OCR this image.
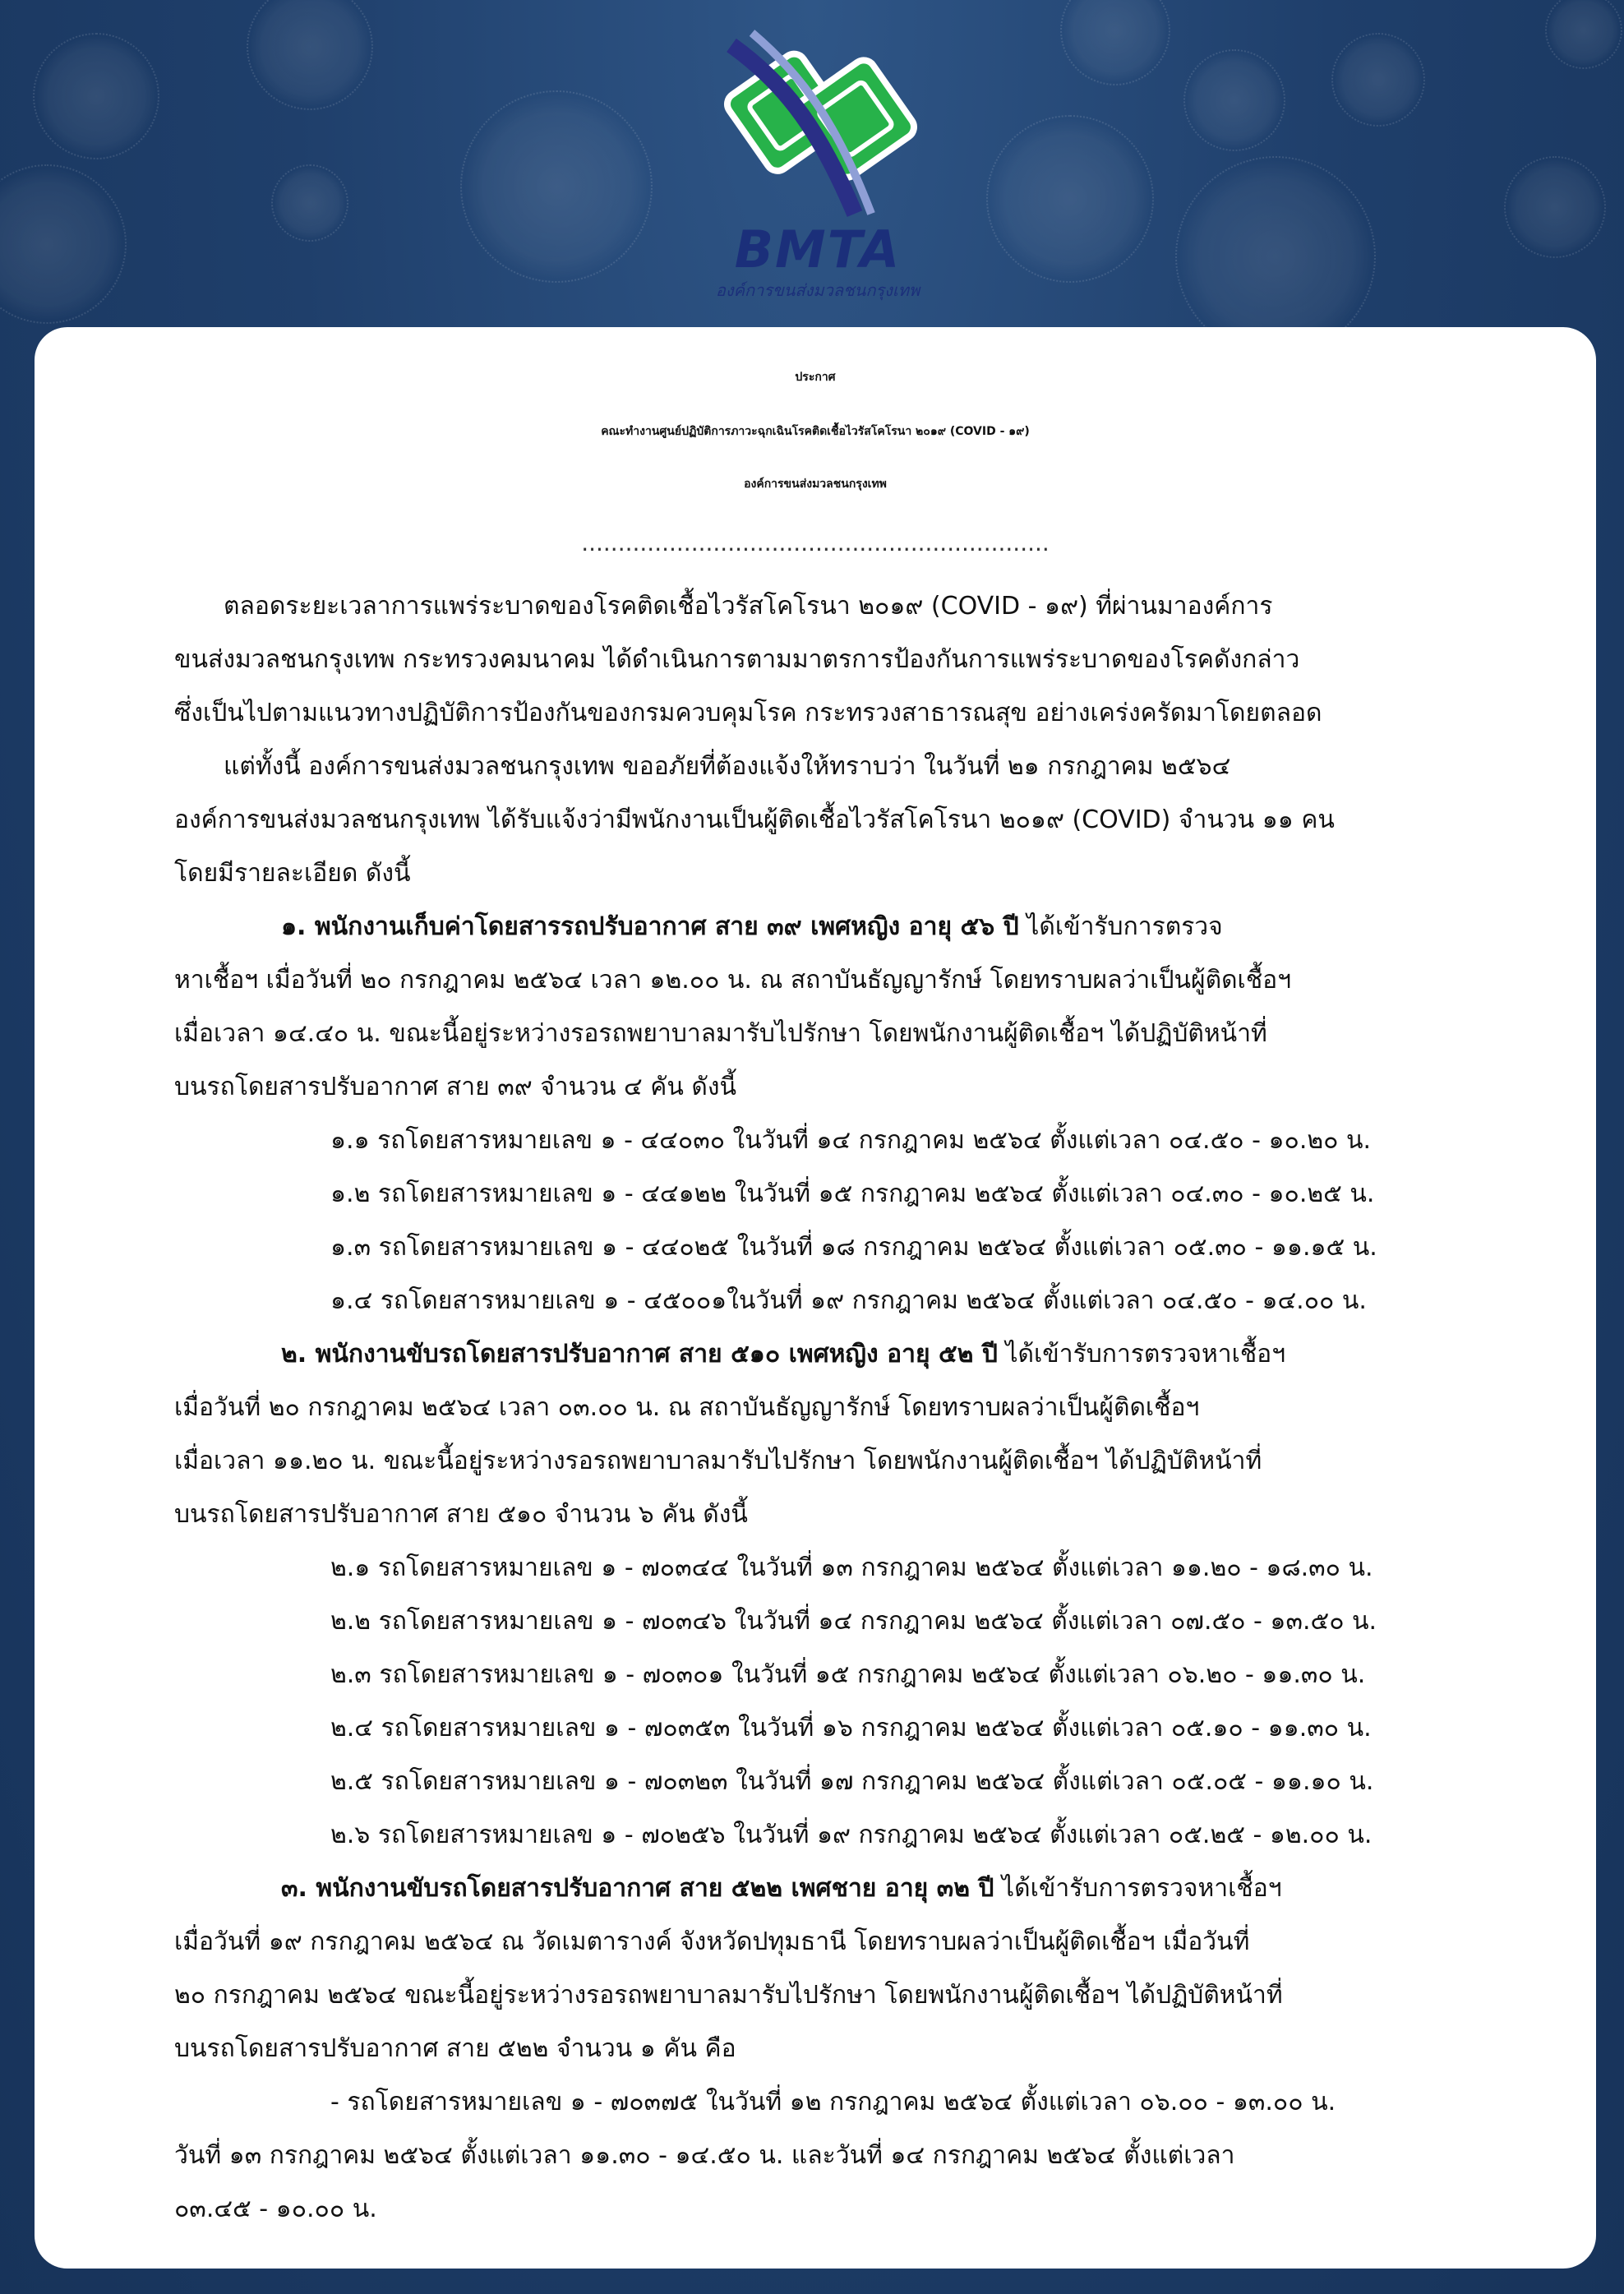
BMTA
องค์การขนส่งมวลชนกรุงเทพ

ประกาศ

คณะทำงานศูนย์ปฏิบัติการภาวะฉุกเฉินโรคติดเชื้อไวรัสโคโรนา ๒๐๑๙ (COVID - ๑๙)

องค์การขนส่งมวลชนกรุงเทพ

................................................................

ตลอดระยะเวลาการแพร่ระบาดของโรคติดเชื้อไวรัสโคโรนา ๒๐๑๙ (COVID - ๑๙) ที่ผ่านมาองค์การ

ขนส่งมวลชนกรุงเทพ กระทรวงคมนาคม ได้ดำเนินการตามมาตรการป้องกันการแพร่ระบาดของโรคดังกล่าว

ซึ่งเป็นไปตามแนวทางปฏิบัติการป้องกันของกรมควบคุมโรค กระทรวงสาธารณสุข อย่างเคร่งครัดมาโดยตลอด

แต่ทั้งนี้ องค์การขนส่งมวลชนกรุงเทพ ขออภัยที่ต้องแจ้งให้ทราบว่า ในวันที่ ๒๑ กรกฎาคม ๒๕๖๔

องค์การขนส่งมวลชนกรุงเทพ ได้รับแจ้งว่ามีพนักงานเป็นผู้ติดเชื้อไวรัสโคโรนา ๒๐๑๙ (COVID) จำนวน ๑๑ คน

โดยมีรายละเอียด ดังนี้

๑. พนักงานเก็บค่าโดยสารรถปรับอากาศ สาย ๓๙ เพศหญิง อายุ ๕๖ ปี ได้เข้ารับการตรวจ

หาเชื้อฯ เมื่อวันที่ ๒๐ กรกฎาคม ๒๕๖๔ เวลา ๑๒.๐๐ น. ณ สถาบันธัญญารักษ์ โดยทราบผลว่าเป็นผู้ติดเชื้อฯ

เมื่อเวลา ๑๔.๔๐ น. ขณะนี้อยู่ระหว่างรอรถพยาบาลมารับไปรักษา โดยพนักงานผู้ติดเชื้อฯ ได้ปฏิบัติหน้าที่

บนรถโดยสารปรับอากาศ สาย ๓๙ จำนวน ๔ คัน ดังนี้

๑.๑ รถโดยสารหมายเลข ๑ - ๔๔๐๓๐ ในวันที่ ๑๔ กรกฎาคม ๒๕๖๔ ตั้งแต่เวลา ๐๔.๕๐ - ๑๐.๒๐ น.

๑.๒ รถโดยสารหมายเลข ๑ - ๔๔๑๒๒ ในวันที่ ๑๕ กรกฎาคม ๒๕๖๔ ตั้งแต่เวลา ๐๔.๓๐ - ๑๐.๒๕ น.

๑.๓ รถโดยสารหมายเลข ๑ - ๔๔๐๒๕ ในวันที่ ๑๘ กรกฎาคม ๒๕๖๔ ตั้งแต่เวลา ๐๕.๓๐ - ๑๑.๑๕ น.

๑.๔ รถโดยสารหมายเลข ๑ - ๔๕๐๐๑ในวันที่ ๑๙ กรกฎาคม ๒๕๖๔ ตั้งแต่เวลา ๐๔.๕๐ - ๑๔.๐๐ น.

๒. พนักงานขับรถโดยสารปรับอากาศ สาย ๕๑๐ เพศหญิง อายุ ๕๒ ปี ได้เข้ารับการตรวจหาเชื้อฯ

เมื่อวันที่ ๒๐ กรกฎาคม ๒๕๖๔ เวลา ๐๓.๐๐ น. ณ สถาบันธัญญารักษ์ โดยทราบผลว่าเป็นผู้ติดเชื้อฯ

เมื่อเวลา ๑๑.๒๐ น. ขณะนี้อยู่ระหว่างรอรถพยาบาลมารับไปรักษา โดยพนักงานผู้ติดเชื้อฯ ได้ปฏิบัติหน้าที่

บนรถโดยสารปรับอากาศ สาย ๕๑๐ จำนวน ๖ คัน ดังนี้

๒.๑ รถโดยสารหมายเลข ๑ - ๗๐๓๔๔ ในวันที่ ๑๓ กรกฎาคม ๒๕๖๔ ตั้งแต่เวลา ๑๑.๒๐ - ๑๘.๓๐ น.

๒.๒ รถโดยสารหมายเลข ๑ - ๗๐๓๔๖ ในวันที่ ๑๔ กรกฎาคม ๒๕๖๔ ตั้งแต่เวลา ๐๗.๕๐ - ๑๓.๕๐ น.

๒.๓ รถโดยสารหมายเลข ๑ - ๗๐๓๐๑ ในวันที่ ๑๕ กรกฎาคม ๒๕๖๔ ตั้งแต่เวลา ๐๖.๒๐ - ๑๑.๓๐ น.

๒.๔ รถโดยสารหมายเลข ๑ - ๗๐๓๕๓ ในวันที่ ๑๖ กรกฎาคม ๒๕๖๔ ตั้งแต่เวลา ๐๕.๑๐ - ๑๑.๓๐ น.

๒.๕ รถโดยสารหมายเลข ๑ - ๗๐๓๒๓ ในวันที่ ๑๗ กรกฎาคม ๒๕๖๔ ตั้งแต่เวลา ๐๕.๐๕ - ๑๑.๑๐ น.

๒.๖ รถโดยสารหมายเลข ๑ - ๗๐๒๕๖ ในวันที่ ๑๙ กรกฎาคม ๒๕๖๔ ตั้งแต่เวลา ๐๕.๒๕ - ๑๒.๐๐ น.

๓. พนักงานขับรถโดยสารปรับอากาศ สาย ๕๒๒ เพศชาย อายุ ๓๒ ปี ได้เข้ารับการตรวจหาเชื้อฯ

เมื่อวันที่ ๑๙ กรกฎาคม ๒๕๖๔ ณ วัดเมตารางค์ จังหวัดปทุมธานี โดยทราบผลว่าเป็นผู้ติดเชื้อฯ เมื่อวันที่

๒๐ กรกฎาคม ๒๕๖๔ ขณะนี้อยู่ระหว่างรอรถพยาบาลมารับไปรักษา โดยพนักงานผู้ติดเชื้อฯ ได้ปฏิบัติหน้าที่

บนรถโดยสารปรับอากาศ สาย ๕๒๒ จำนวน ๑ คัน คือ

- รถโดยสารหมายเลข ๑ - ๗๐๓๗๕ ในวันที่ ๑๒ กรกฎาคม ๒๕๖๔ ตั้งแต่เวลา ๐๖.๐๐ - ๑๓.๐๐ น.

วันที่ ๑๓ กรกฎาคม ๒๕๖๔ ตั้งแต่เวลา ๑๑.๓๐ - ๑๔.๕๐ น. และวันที่ ๑๔ กรกฎาคม ๒๕๖๔ ตั้งแต่เวลา

๐๓.๔๕ - ๑๐.๐๐ น.
